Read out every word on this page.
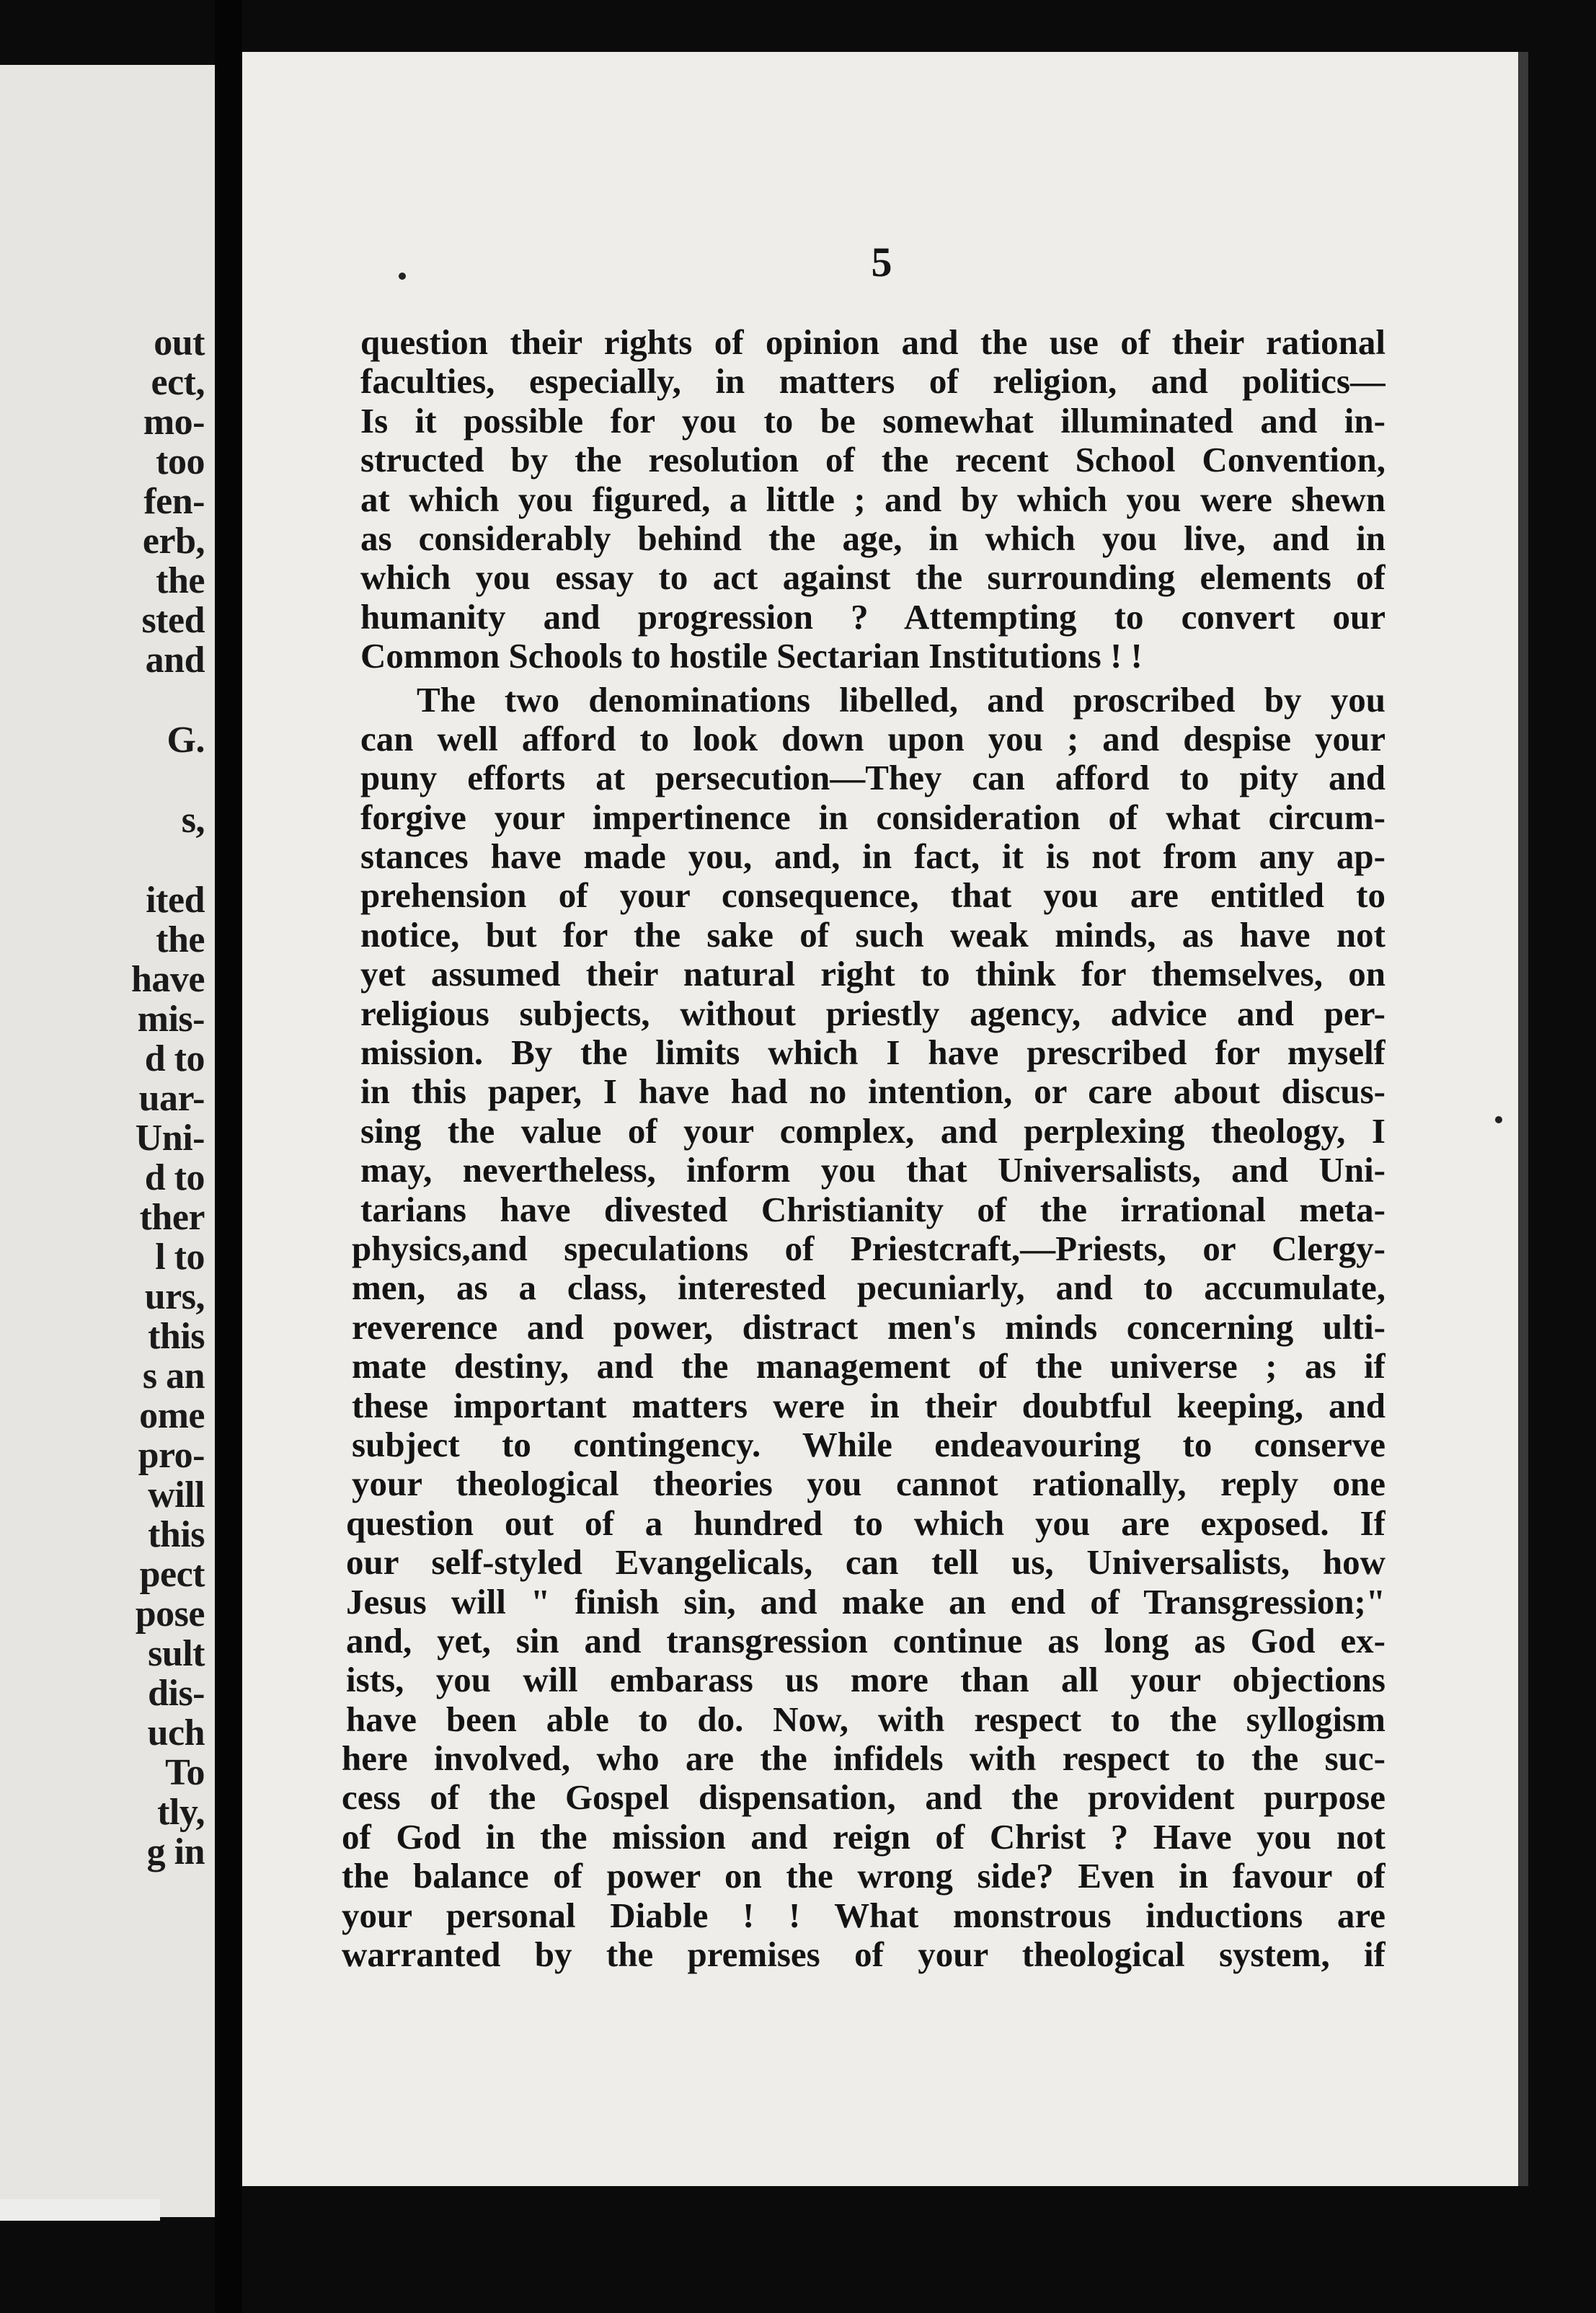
out
ect,
mo-
too
fen-
erb,
the
sted
and
G.
s,
ited
the
have
mis-
d to
uar-
Uni-
d to
ther
l to
urs,
this
s an
ome
pro-
will
this
pect
pose
sult
dis-
uch
To
tly,
g in
5
question their rights of opinion and the use of their rational
faculties, especially, in matters of religion, and politics—
Is it possible for you to be somewhat illuminated and in-
structed by the resolution of the recent School Convention,
at which you figured, a little ; and by which you were shewn
as considerably behind the age, in which you live, and in
which you essay to act against the surrounding elements of
humanity and progression ? Attempting to convert our
Common Schools to hostile Sectarian Institutions ! !
The two denominations libelled, and proscribed by you
can well afford to look down upon you ; and despise your
puny efforts at persecution—They can afford to pity and
forgive your impertinence in consideration of what circum-
stances have made you, and, in fact, it is not from any ap-
prehension of your consequence, that you are entitled to
notice, but for the sake of such weak minds, as have not
yet assumed their natural right to think for themselves, on
religious subjects, without priestly agency, advice and per-
mission. By the limits which I have prescribed for myself
in this paper, I have had no intention, or care about discus-
sing the value of your complex, and perplexing theology, I
may, nevertheless, inform you that Universalists, and Uni-
tarians have divested Christianity of the irrational meta-
physics,and speculations of Priestcraft,—Priests, or Clergy-
men, as a class, interested pecuniarly, and to accumulate,
reverence and power, distract men's minds concerning ulti-
mate destiny, and the management of the universe ; as if
these important matters were in their doubtful keeping, and
subject to contingency. While endeavouring to conserve
your theological theories you cannot rationally, reply one
question out of a hundred to which you are exposed. If
our self-styled Evangelicals, can tell us, Universalists, how
Jesus will " finish sin, and make an end of Transgression;"
and, yet, sin and transgression continue as long as God ex-
ists, you will embarass us more than all your objections
have been able to do. Now, with respect to the syllogism
here involved, who are the infidels with respect to the suc-
cess of the Gospel dispensation, and the provident purpose
of God in the mission and reign of Christ ? Have you not
the balance of power on the wrong side? Even in favour of
your personal Diable ! ! What monstrous inductions are
warranted by the premises of your theological system, if
